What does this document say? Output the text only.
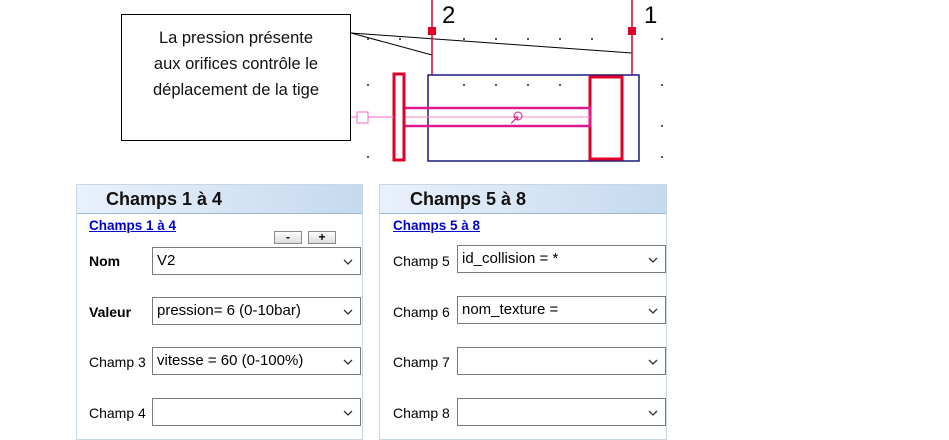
↗
2	1
La pression présente
aux orifices contrôle le
déplacement de la tige
Champs 1 à 4
Champs 1 à 4
-	+
Nom V2
Valeur pression= 6 (0-10bar)
Champ 3 vitesse = 60 (0-100%)
Champ 4
Champs 5 à 8
Champs 5 à 8
Champ 5 id_collision = *
Champ 6 nom_texture =
Champ 7
Champ 8
